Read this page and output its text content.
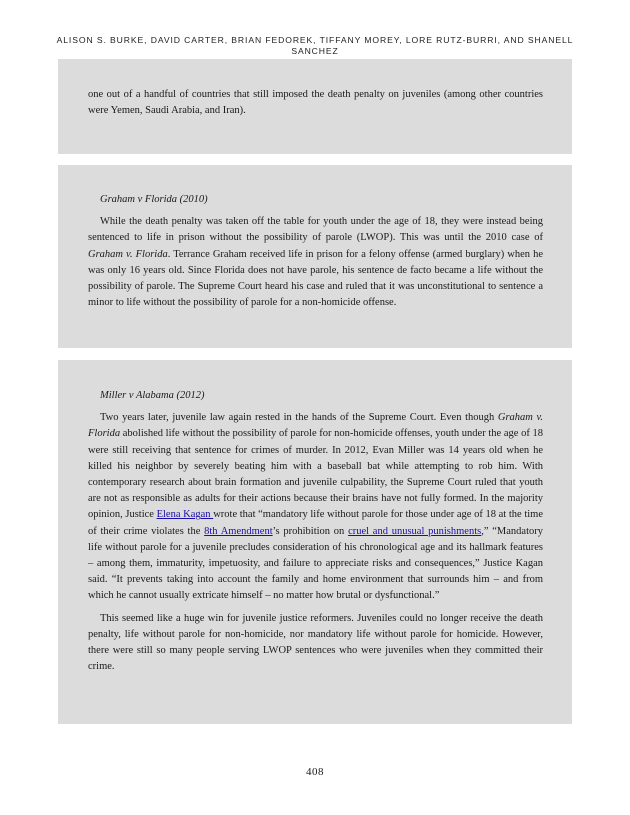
ALISON S. BURKE, DAVID CARTER, BRIAN FEDOREK, TIFFANY MOREY, LORE RUTZ-BURRI, AND SHANELL
SANCHEZ

one out of a handful of countries that still imposed the death penalty on juveniles (among other countries were Yemen, Saudi Arabia, and Iran).

Graham v Florida (2010)

While the death penalty was taken off the table for youth under the age of 18, they were instead being sentenced to life in prison without the possibility of parole (LWOP). This was until the 2010 case of Graham v. Florida. Terrance Graham received life in prison for a felony offense (armed burglary) when he was only 16 years old. Since Florida does not have parole, his sentence de facto became a life without the possibility of parole. The Supreme Court heard his case and ruled that it was unconstitutional to sentence a minor to life without the possibility of parole for a non-homicide offense.

Miller v Alabama (2012)

Two years later, juvenile law again rested in the hands of the Supreme Court. Even though Graham v. Florida abolished life without the possibility of parole for non-homicide offenses, youth under the age of 18 were still receiving that sentence for crimes of murder. In 2012, Evan Miller was 14 years old when he killed his neighbor by severely beating him with a baseball bat while attempting to rob him. With contemporary research about brain formation and juvenile culpability, the Supreme Court ruled that youth are not as responsible as adults for their actions because their brains have not fully formed. In the majority opinion, Justice Elena Kagan wrote that “mandatory life without parole for those under age of 18 at the time of their crime violates the 8th Amendment’s prohibition on cruel and unusual punishments,” “Mandatory life without parole for a juvenile precludes consideration of his chronological age and its hallmark features – among them, immaturity, impetuosity, and failure to appreciate risks and consequences,” Justice Kagan said. “It prevents taking into account the family and home environment that surrounds him – and from which he cannot usually extricate himself – no matter how brutal or dysfunctional.”

This seemed like a huge win for juvenile justice reformers. Juveniles could no longer receive the death penalty, life without parole for non-homicide, nor mandatory life without parole for homicide. However, there were still so many people serving LWOP sentences who were juveniles when they committed their crime.

408
